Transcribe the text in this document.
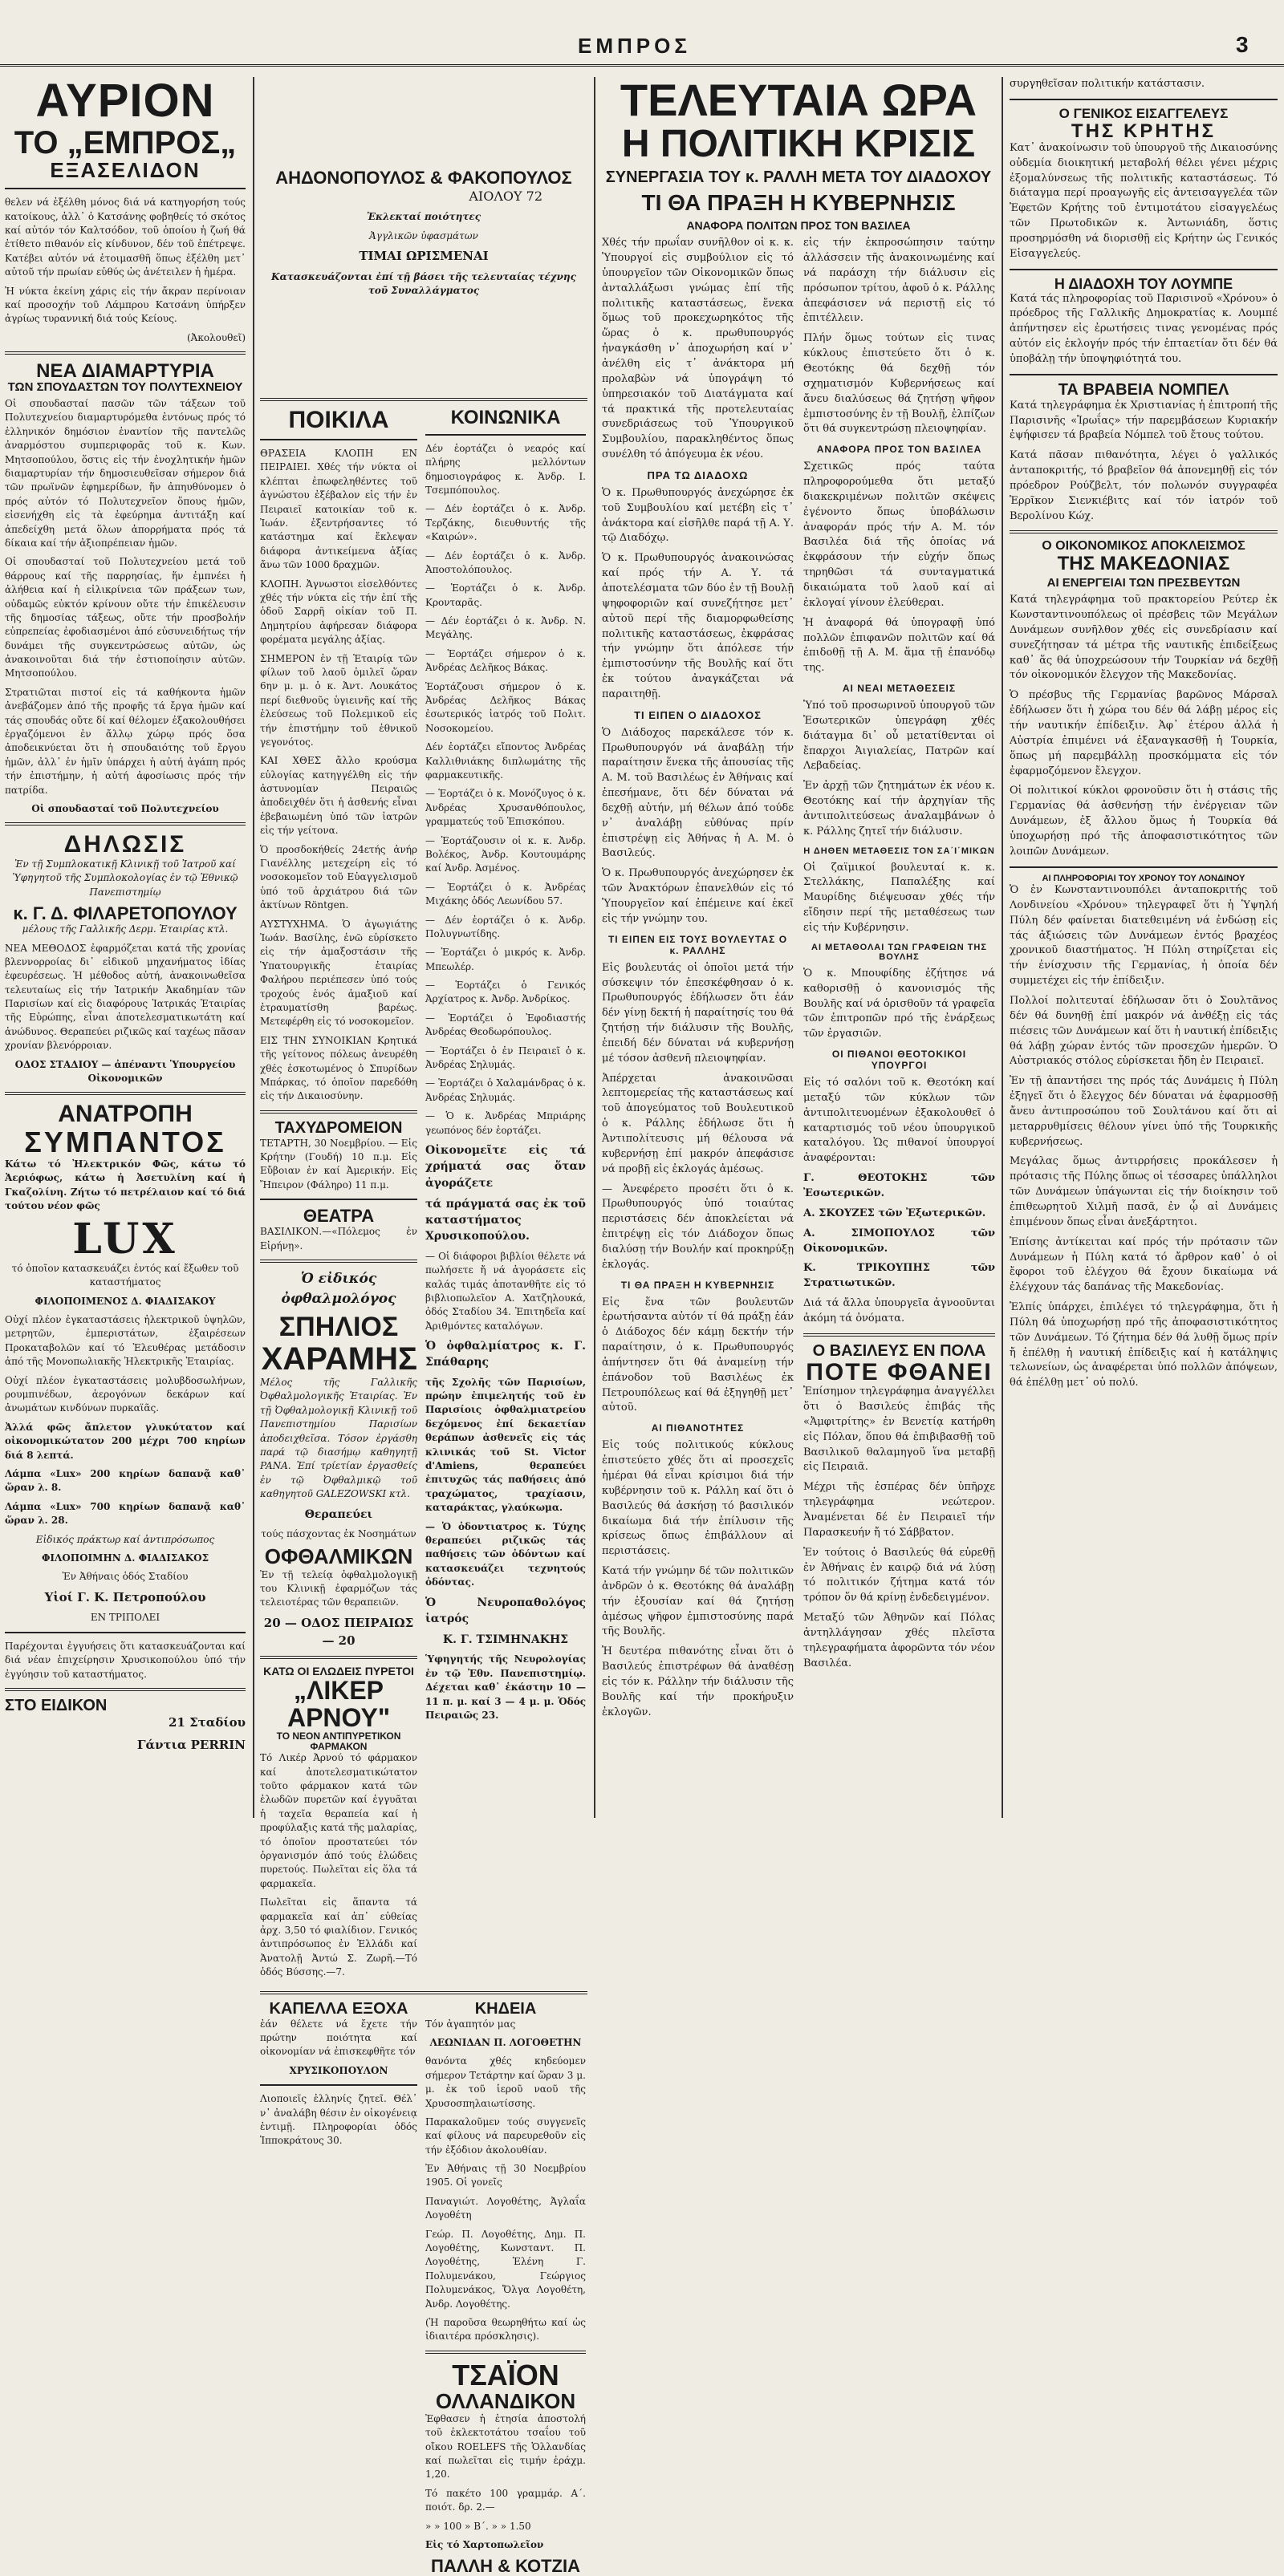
ΕΜΠΡΟΣ	3
ΑΥΡΙΟΝ
ΤΟ „ΕΜΠΡΟΣ„
ΕΞΑΣΕΛΙΔΟΝ

θελεν νά ἐξέλθη μόνος διά νά κατηγορήση τούς κατοίκους, ἀλλ᾽ ὁ Κατσάνης φοβηθείς τό σκότος καί αὐτόν τόν Καλτσόδον, τοῦ ὁποίου ἡ ζωή θά ἐτίθετο πιθανόν εἰς κίνδυνον, δέν τοῦ ἐπέτρεψε. Κατέβει αὐτόν νά ἑτοιμασθῆ ὅπως ἐξέλθη μετ᾽ αὐτοῦ τήν πρωίαν εὐθύς ὡς ἀνέτειλεν ἡ ἡμέρα.

Ἡ νύκτα ἐκείνη χάρις εἰς τήν ἄκραν περίνοιαν καί προσοχήν τοῦ Λάμπρου Κατσάνη ὑπήρξεν ἀγρίως τυραννική διά τούς Κείους.

(Ἀκολουθεῖ)

ΝΕΑ ΔΙΑΜΑΡΤΥΡΙΑ
ΤΩΝ ΣΠΟΥΔΑΣΤΩΝ ΤΟΥ ΠΟΛΥΤΕΧΝΕΙΟΥ

Οἱ σπουδασταί πασῶν τῶν τάξεων τοῦ Πολυτεχνείου διαμαρτυρόμεθα ἐντόνως πρός τό ἑλληνικόν δημόσιον ἐναντίον τῆς παντελῶς ἀναρμόστου συμπεριφορᾶς τοῦ κ. Κων. Μητσοπούλου, ὅστις εἰς τήν ἐνοχλητικήν ἡμῶν διαμαρτυρίαν τήν δημοσιευθεῖσαν σήμερον διά τῶν πρωϊνῶν ἐφημερίδων, ἥν ἀπηυθύνομεν ὁ πρός αὐτόν τό Πολυτεχνεῖον ὅπους ἡμῶν, εἰσενήχθη εἰς τὰ ἐφεύρημα ἀντιτάξη καί ἀπεδείχθη μετά ὅλων ἀπορρήματα πρός τά δίκαια καί τήν ἀξιοπρέπειαν ἡμῶν.

Οἱ σπουδασταί τοῦ Πολυτεχνείου μετά τοῦ θάρρους καί τῆς παρρησίας, ἥν ἐμπνέει ἡ ἀλήθεια καί ἡ εἰλικρίνεια τῶν πράξεων των, οὐδαμῶς εὐκτόν κρίνουν οὔτε τήν ἐπικέλευσιν τῆς δημοσίας τάξεως, οὔτε τήν προσβολήν εὐπρεπείας ἐφοδιασμένοι ἀπό εὐσυνειδήτως τήν δυνάμει τῆς συγκεντρώσεως αὐτῶν, ὡς ἀνακοινοῦται διά τήν ἐστιοποίησιν αὐτῶν. Μητσοπούλου.

Στρατιῶται πιστοί εἰς τά καθήκοντα ἡμῶν ἀνεβάζομεν ἀπό τῆς προφῆς τά ἔργα ἡμῶν καί τάς σπουδάς οὔτε δί καί θέλομεν ἐξακολουθήσει ἐργαζόμενοι ἐν ἄλλῳ χώρῳ πρός ὅσα ἀποδεικνύεται ὅτι ἡ σπουδαιότης τοῦ ἔργου ἡμῶν, ἀλλ᾽ ἐν ἡμῖν ὑπάρχει ἡ αὐτή ἀγάπη πρός τήν ἐπιστήμην, ἡ αὐτή ἀφοσίωσις πρός τήν πατρίδα.

Οἱ σπουδασταί τοῦ Πολυτεχνείου

ΔΗΛΩΣΙΣ

Ἐν τῇ Συμπλοκατικῇ Κλινικῇ τοῦ Ἰατροῦ καί Ὑφηγητοῦ τῆς Συμπλοκολογίας ἐν τῷ Ἐθνικῷ Πανεπιστημίῳ

κ. Γ. Δ. ΦΙΛΑΡΕΤΟΠΟΥΛΟΥ

μέλους τῆς Γαλλικῆς Δερμ. Ἑταιρίας κτλ.

ΝΕΑ ΜΕΘΟΔΟΣ ἐφαρμόζεται κατά τῆς χρονίας βλεννορροίας δι᾽ εἰδικοῦ μηχανήματος ἰδίας ἐφευρέσεως. Ἡ μέθοδος αὐτή, ἀνακοινωθεῖσα τελευταίως εἰς τήν Ἰατρικήν Ἀκαδημίαν τῶν Παρισίων καί εἰς διαφόρους Ἰατρικάς Ἑταιρίας τῆς Εὐρώπης, εἶναι ἀποτελεσματικωτάτη καί ἀνώδυνος. Θεραπεύει ριζικῶς καί ταχέως πᾶσαν χρονίαν βλενόρροιαν.

ΟΔΟΣ ΣΤΑΔΙΟΥ — ἀπέναντι Ὑπουργείου Οἰκονομικῶν

ΑΝΑΤΡΟΠΗ
ΣΥΜΠΑΝΤΟΣ

Κάτω τό Ἠλεκτρικόν Φῶς, κάτω τό Ἀεριόφως, κάτω ἡ Ἀσετυλίνη καί ἡ Γκαζολίνη. Ζήτω τό πετρέλαιον καί τό διά τούτου νέον φῶς

LUX

τό ὁποῖον κατασκευάζει ἐντός καί ἔξωθεν τοῦ καταστήματος

ΦΙΛΟΠΟΙΜΕΝΟΣ Δ. ΦΙΑΔΙΣΑΚΟΥ

Οὐχί πλέον ἐγκαταστάσεις ἠλεκτρικοῦ ὑψηλῶν, μετρητῶν, ἐμπεριστάτων, ἐξαιρέσεων Προκαταβολῶν καί τό Ἐλευθέρας μετάδοσιν ἀπό τῆς Μονοπωλιακῆς Ἠλεκτρικῆς Ἑταιρίας.

Οὐχί πλέον ἐγκαταστάσεις μολυβδοσωλήνων, ρουμπινέδων, ἀερογόνων δεκάρων καί ἀνωμάτων κινδύνων πυρκαϊᾶς.

Ἀλλά φῶς ἄπλετον γλυκύτατον καί οἰκονομικώτατον 200 μέχρι 700 κηρίων διά 8 λεπτά.

Λάμπα «Lux» 200 κηρίων δαπανᾷ καθ᾽ ὥραν λ. 8.

Λάμπα «Lux» 700 κηρίων δαπανᾷ καθ᾽ ὥραν λ. 28.

Εἰδικός πράκτωρ καί ἀντιπρόσωπος

ΦΙΛΟΠΟΙΜΗΝ Δ. ΦΙΑΔΙΣΑΚΟΣ

Ἐν Ἀθήναις ὁδός Σταδίου

Υἱοί Γ. Κ. Πετροπούλου

ΕΝ ΤΡΙΠΟΛΕΙ

Παρέχονται ἐγγυήσεις ὅτι κατασκευάζονται καί διά νέαν ἐπιχείρησιν Χρυσικοπούλου ὑπό τήν ἐγγύησιν τοῦ καταστήματος.

ΣΤΟ ΕΙΔΙΚΟΝ

21 Σταδίου

Γάντια PERRIN

ΑΗΔΟΝΟΠΟΥΛΟΣ & ΦΑΚΟΠΟΥΛΟΣ
ΑΙΟΛΟΥ 72
Ἐκλεκταί ποιότητες
Ἀγγλικῶν ὑφασμάτων
ΤΙΜΑΙ ΩΡΙΣΜΕΝΑΙ
Κατασκευάζονται ἐπί τῇ βάσει τῆς τελευταίας τέχνης τοῦ Συναλλάγματος
ΠΟΙΚΙΛΑ

ΘΡΑΣΕΙΑ ΚΛΟΠΗ ΕΝ ΠΕΙΡΑΙΕΙ. Χθές τήν νύκτα οἱ κλέπται ἐπωφεληθέντες τοῦ ἀγνώστου ἐξέβαλον εἰς τήν ἐν Πειραιεῖ κατοικίαν τοῦ κ. Ἰωάν. ἐξεντρήσαντες τό κατάστημα καί ἔκλεψαν διάφορα ἀντικείμενα ἀξίας ἄνω τῶν 1000 δραχμῶν.

ΚΛΟΠΗ. Ἀγνωστοι εἰσελθόντες χθές τήν νύκτα εἰς τήν ἐπί τῆς ὁδοῦ Σαρρῆ οἰκίαν τοῦ Π. Δημητρίου ἀφήρεσαν διάφορα φορέματα μεγάλης ἀξίας.

ΣΗΜΕΡΟΝ ἐν τῇ Ἑταιρίᾳ τῶν φίλων τοῦ λαοῦ ὁμιλεῖ ὥραν 6ην μ. μ. ὁ κ. Ἀντ. Λουκάτος περί διεθνοῦς ὑγιεινῆς καί τῆς ἐλεύσεως τοῦ Πολεμικοῦ εἰς τήν ἐπιστήμην τοῦ ἐθνικοῦ γεγονότος.

ΚΑΙ ΧΘΕΣ ἄλλο κρούσμα εὐλογίας κατηγγέλθη εἰς τήν ἀστυνομίαν Πειραιῶς ἀποδειχθέν ὅτι ἡ ἀσθενής εἶναι ἐβεβαιωμένη ὑπό τῶν ἰατρῶν εἰς τήν γείτονα.

Ὁ προσδοκήθείς 24ετής ἀνήρ Γιανέλλης μετεχείρη εἰς τό νοσοκομεῖον τοῦ Εὐαγγελισμοῦ ὑπό τοῦ ἀρχιάτρου διά τῶν ἀκτίνων Röntgen.

ΑΥΣΤΥΧΗΜΑ. Ὁ ἀγωγιάτης Ἰωάν. Βασίλης, ἐνῶ εὑρίσκετο εἰς τήν ἀμαξοστάσιν τῆς Ὑπατουργικῆς ἑταιρίας Φαλήρου περιέπεσεν ὑπό τούς τροχούς ἑνός ἁμαξιοῦ καί ἐτραυματίσθη βαρέως. Μετεφέρθη εἰς τό νοσοκομεῖον.

ΕΙΣ ΤΗΝ ΣΥΝΟΙΚΙΑΝ Κρητικά τῆς γείτονος πόλεως ἀνευρέθη χθές ἐσκοτωμένος ὁ Σπυρίδων Μπάρκας, τό ὁποῖον παρεδόθη εἰς τήν Δικαιοσύνην.

ΤΑΧΥΔΡΟΜΕΙΟΝ

ΤΕΤΑΡΤΗ, 30 Νοεμβρίου. — Εἰς Κρήτην (Γουδή) 10 π.μ. Εἰς Εὔβοιαν ἐν καί Ἀμερικήν. Εἰς Ἤπειρον (Φάληρο) 11 π.μ.

ΘΕΑΤΡΑ

ΒΑΣΙΛΙΚΟΝ.—«Πόλεμος ἐν Εἰρήνῃ».

Ὁ εἰδικός ὀφθαλμολόγος
ΣΠΗΛΙΟΣ
ΧΑΡΑΜΗΣ

Μέλος τῆς Γαλλικῆς Ὀφθαλμολογικῆς Ἑταιρίας. Ἐν τῇ Ὀφθαλμολογικῇ Κλινικῇ τοῦ Πανεπιστημίου Παρισίων ἀποδειχθεῖσα. Τόσον ἐργάσθη παρά τῷ διασήμῳ καθηγητῇ PANA. Ἐπί τρίετίαν ἐργασθείς ἐν τῷ Ὀφθαλμικῷ τοῦ καθηγητοῦ GALEZOWSKI κτλ.

Θεραπεύει
τούς πάσχοντας ἐκ Νοσημάτων
ΟΦΘΑΛΜΙΚΩΝ

Ἐν τῇ τελείᾳ ὀφθαλμολογικῇ του Κλινικῇ ἐφαρμόζων τάς τελειοτέρας τῶν θεραπειῶν.

20 — ΟΔΟΣ ΠΕΙΡΑΙΩΣ — 20
ΚΑΤΩ ΟΙ ΕΛΩΔΕΙΣ ΠΥΡΕΤΟΙ
„ΛΙΚΕΡ ΑΡΝΟΥ"
ΤΟ ΝΕΟΝ ΑΝΤΙΠΥΡΕΤΙΚΟΝ ΦΑΡΜΑΚΟΝ

Τό Λικέρ Ἀρνού τό φάρμακον καί ἀποτελεσματικώτατον τοῦτο φάρμακον κατά τῶν ἐλωδῶν πυρετῶν καί ἐγγυᾶται ἡ ταχεῖα θεραπεία καί ἡ προφύλαξις κατά τῆς μαλαρίας, τό ὁποῖον προστατεύει τόν ὀργανισμόν ἀπό τούς ἐλώδεις πυρετούς. Πωλεῖται εἰς ὅλα τά φαρμακεῖα.

Πωλεῖται εἰς ἅπαντα τά φαρμακεῖα καί ἀπ᾽ εὐθείας ἀρχ. 3,50 τό φιαλίδιον. Γενικός ἀντιπρόσωπος ἐν Ἑλλάδι καί Ἀνατολῇ Ἀντώ Σ. Ζωρῆ.—Τό ὁδός Βύσσης.—7.

ΚΟΙΝΩΝΙΚΑ

Δέν ἑορτάζει ὁ νεαρός καί πλήρης μελλόντων δημοσιογράφος κ. Ἀνδρ. Ι. Τσεμπόπουλος.

— Δέν ἑορτάζει ὁ κ. Ἀνδρ. Τερζάκης, διευθυντής τῆς «Καιρών».

— Δέν ἑορτάζει ὁ κ. Ἀνδρ. Ἀποστολόπουλος.

— Ἑορτάζει ὁ κ. Ἀνδρ. Κρονταρᾶς.

— Δέν ἑορτάζει ὁ κ. Ἀνδρ. Ν. Μεγάλης.

— Ἑορτάζει σήμερον ὁ κ. Ἀνδρέας Δελῆκος Βάκας.

Ἑορτάζουσι σήμερον ὁ κ. Ἀνδρέας Δελῆκος Βάκας ἐσωτερικός ἰατρός τοῦ Πολιτ. Νοσοκομείου.

Δέν ἑορτάζει εἴποντος Ἀνδρέας Καλλιθνιάκης διπλωμάτης τῆς φαρμακευτικῆς.

— Ἑορτάζει ὁ κ. Μονόζυγος ὁ κ. Ἀνδρέας Χρυσανθόπουλος, γραμματεύς τοῦ Ἐπισκόπου.

— Ἑορτάζουσιν οἱ κ. κ. Ἀνδρ. Βολέκος, Ἀνδρ. Κουτουμάρης καί Ἀνδρ. Ἀσμένος.

— Ἑορτάζει ὁ κ. Ἀνδρέας Μιχάκης ὁδός Λεωνίδου 57.

— Δέν ἑορτάζει ὁ κ. Ἀνδρ. Πολυγνωτίδης.

— Ἑορτάζει ὁ μικρός κ. Ἀνδρ. Μπεωλέρ.

— Ἑορτάζει ὁ Γενικός Ἀρχίατρος κ. Ἀνδρ. Ἀνδρίκος.

— Ἑορτάζει ὁ Ἐφοδιαστής Ἀνδρέας Θεοδωρόπουλος.

— Ἑορτάζει ὁ ἐν Πειραιεῖ ὁ κ. Ἀνδρέας Σηλυμάς.

— Ἑορτάζει ὁ Χαλαμάνδρας ὁ κ. Ἀνδρέας Σηλυμάς.

— Ὁ κ. Ἀνδρέας Μπριάρης γεωπόνος δέν ἑορτάζει.

Οἰκονομεῖτε εἰς τά χρήματά σας ὅταν ἀγοράζετε

τά πράγματά σας ἐκ τοῦ καταστήματος Χρυσικοπούλου.

— Οἱ διάφοροι βιβλίοι θέλετε νά πωλήσετε ἤ νά ἀγοράσετε εἰς καλάς τιμάς ἀποτανθῆτε εἰς τό βιβλιοπωλεῖον Α. Χατζηλουκά, ὁδός Σταδίου 34. Ἐπιτηδεῖα καί Ἀριθμόντες καταλόγων.

Ὁ ὀφθαλμίατρος κ. Γ. Σπάθαρης

τῆς Σχολῆς τῶν Παρισίων, πρώην ἐπιμελητής τοῦ ἐν Παρισίοις ὀφθαλμιατρείου δεχόμενος ἐπί δεκαετίαν θεράπων ἀσθενεῖς εἰς τάς κλινικάς τοῦ St. Victor d'Amiens, θεραπεύει ἐπιτυχῶς τάς παθήσεις ἀπό τραχώματος, τραχίασιν, καταράκτας, γλαύκωμα.

— Ὁ ὀδοντιατρος κ. Τύχης θεραπεύει ριζικῶς τάς παθήσεις τῶν ὀδόντων καί κατασκευάζει τεχνητούς ὀδόντας.

Ὁ Νευροπαθολόγος ἰατρός

Κ. Γ. ΤΣΙΜΗΝΑΚΗΣ

Ὑφηγητής τῆς Νευρολογίας ἐν τῷ Ἐθν. Πανεπιστημίῳ. Δέχεται καθ᾽ ἑκάστην 10 — 11 π. μ. καί 3 — 4 μ. μ. Ὁδός Πειραιῶς 23.

ΚΑΠΕΛΛΑ ΕΞΟΧΑ

ἐάν θέλετε νά ἔχετε τήν πρώτην ποιότητα καί οἰκονομίαν νά ἐπισκεφθῆτε τόν

ΧΡΥΣΙΚΟΠΟΥΛΟΝ

Λιοποιεῖς ἑλληνίς ζητεῖ. Θέλ᾽ ν᾽ ἀναλάβη θέσιν ἐν οἰκογένειᾳ ἐντιμῇ. Πληροφορίαι ὁδός Ἱπποκράτους 30.

ΚΗΔΕΙΑ

Τόν ἀγαπητόν μας

ΛΕΩΝΙΔΑΝ Π. ΛΟΓΟΘΕΤΗΝ

θανόντα χθές κηδεύομεν σήμερον Τετάρτην καί ὥραν 3 μ. μ. ἐκ τοῦ ἱεροῦ ναοῦ τῆς Χρυσοσπηλαιωτίσσης.

Παρακαλοῦμεν τούς συγγενεῖς καί φίλους νά παρευρεθοῦν εἰς τήν ἐξόδιον ἀκολουθίαν.

Ἐν Ἀθήναις τῇ 30 Νοεμβρίου 1905. Οἱ γονεῖς

Παναγιώτ. Λογοθέτης, Ἀγλαΐα Λογοθέτη

Γεώρ. Π. Λογοθέτης, Δημ. Π. Λογοθέτης, Κωνσταντ. Π. Λογοθέτης, Ἑλένη Γ. Πολυμενάκου, Γεώργιος Πολυμενάκος, Ὄλγα Λογοθέτη, Ἀνδρ. Λογοθέτης.

(Ἡ παροῦσα θεωρηθήτω καί ὡς ἰδιαιτέρα πρόσκλησις).

ΤΣΑΪΟΝ
ΟΛΛΑΝΔΙΚΟΝ

Ἐφθασεν ἡ ἐτησία ἀποστολή τοῦ ἐκλεκτοτάτου τσαΐου τοῦ οἴκου ROELEFS τῆς Ὁλλανδίας καί πωλεῖται εἰς τιμήν ἐράχμ. 1,20.

Τό πακέτο 100 γραμμάρ. Α΄. ποιότ. δρ. 2.—

» » 100 » Β΄. » » 1.50

Εἰς τό Χαρτοπωλεῖον

ΠΑΛΛΗ & ΚΟΤΖΙΑ
ΤΕΛΕΥΤΑΙΑ ΩΡΑ
Η ΠΟΛΙΤΙΚΗ ΚΡΙΣΙΣ
ΣΥΝΕΡΓΑΣΙΑ ΤΟΥ κ. ΡΑΛΛΗ ΜΕΤΑ ΤΟΥ ΔΙΑΔΟΧΟΥ
ΤΙ ΘΑ ΠΡΑΞΗ Η ΚΥΒΕΡΝΗΣΙΣ
ΑΝΑΦΟΡΑ ΠΟΛΙΤΩΝ ΠΡΟΣ ΤΟΝ ΒΑΣΙΛΕΑ

Χθές τήν πρωΐαν συνῆλθον οἱ κ. κ. Ὑπουργοί εἰς συμβούλιον εἰς τό ὑπουργεῖον τῶν Οἰκονομικῶν ὅπως ἀνταλλάξωσι γνώμας ἐπί τῆς πολιτικῆς καταστάσεως, ἕνεκα ὅμως τοῦ προκεχωρηκότος τῆς ὥρας ὁ κ. πρωθυπουργός ἠναγκάσθη ν᾽ ἀποχωρήση καί ν᾽ ἀνέλθη εἰς τ᾽ ἀνάκτορα μή προλαβὼν νά ὑπογράψη τό ὑπηρεσιακόν τοῦ Διατάγματα καί τά πρακτικά τῆς προτελευταίας συνεδριάσεως τοῦ Ὑπουργικοῦ Συμβουλίου, παρακληθέντος ὅπως συνέλθη τό ἀπόγευμα ἐκ νέου.

ΠΡΑ ΤΩ ΔΙΑΔΟΧΩ

Ὁ κ. Πρωθυπουργός ἀνεχώρησε ἐκ τοῦ Συμβουλίου καί μετέβη εἰς τ᾽ ἀνάκτορα καί εἰσῆλθε παρά τῇ Α. Υ. τῷ Διαδόχῳ.

Ὁ κ. Πρωθυπουργός ἀνακοινώσας καί πρός τήν Α. Υ. τά ἀποτελέσματα τῶν δύο ἐν τῇ Βουλῇ ψηφοφοριῶν καί συνεζήτησε μετ᾽ αὐτοῦ περί τῆς διαμορφωθείσης πολιτικῆς καταστάσεως, ἐκφράσας τήν γνώμην ὅτι ἀπόλεσε τήν ἐμπιστοσύνην τῆς Βουλῆς καί ὅτι ἐκ τούτου ἀναγκάζεται νά παραιτηθῇ.

ΤΙ ΕΙΠΕΝ Ο ΔΙΑΔΟΧΟΣ

Ὁ Διάδοχος παρεκάλεσε τόν κ. Πρωθυπουργόν νά ἀναβάλῃ τήν παραίτησιν ἕνεκα τῆς ἀπουσίας τῆς Α. Μ. τοῦ Βασιλέως ἐν Ἀθήναις καί ἐπεσήμανε, ὅτι δέν δύναται νά δεχθῇ αὐτήν, μή θέλων ἀπό τούδε ν᾽ ἀναλάβῃ εὐθύνας πρίν ἐπιστρέψῃ εἰς Ἀθήνας ἡ Α. Μ. ὁ Βασιλεύς.

Ὁ κ. Πρωθυπουργός ἀνεχώρησεν ἐκ τῶν Ἀνακτόρων ἐπανελθών εἰς τό Ὑπουργεῖον καί ἐπέμεινε καί ἐκεῖ εἰς τήν γνώμην του.

ΤΙ ΕΙΠΕΝ ΕΙΣ ΤΟΥΣ ΒΟΥΛΕΥΤΑΣ Ο κ. ΡΑΛΛΗΣ

Εἰς βουλευτάς οἱ ὁποῖοι μετά τήν σύσκεψιν τόν ἐπεσκέφθησαν ὁ κ. Πρωθυπουργός ἐδήλωσεν ὅτι ἐάν δέν γίνῃ δεκτή ἡ παραίτησίς του θά ζητήσῃ τήν διάλυσιν τῆς Βουλῆς, ἐπειδή δέν δύναται νά κυβερνήσῃ μέ τόσον ἀσθενῆ πλειοψηφίαν.

Ἀπέρχεται ἀνακοινῶσαι λεπτομερείας τῆς καταστάσεως καί τοῦ ἀπογεύματος τοῦ Βουλευτικοῦ ὁ κ. Ράλλης ἐδήλωσε ὅτι ἡ Ἀντιπολίτευσις μή θέλουσα νά κυβερνήσῃ ἐπί μακρόν ἀπεφάσισε νά προβῇ εἰς ἐκλογάς ἀμέσως.

— Ἀνεφέρετο προσέτι ὅτι ὁ κ. Πρωθυπουργός ὑπό τοιαύτας περιστάσεις δέν ἀποκλείεται νά ἐπιτρέψῃ εἰς τόν Διάδοχον ὅπως διαλύσῃ τήν Βουλήν καί προκηρύξῃ ἐκλογάς.

ΤΙ ΘΑ ΠΡΑΞΗ Η ΚΥΒΕΡΝΗΣΙΣ

Εἰς ἕνα τῶν βουλευτῶν ἐρωτήσαντα αὐτόν τί θά πράξῃ ἐάν ὁ Διάδοχος δέν κάμῃ δεκτήν τήν παραίτησιν, ὁ κ. Πρωθυπουργός ἀπήντησεν ὅτι θά ἀναμείνῃ τήν ἐπάνοδον τοῦ Βασιλέως ἐκ Πετρουπόλεως καί θά ἐξηγηθῇ μετ᾽ αὐτοῦ.

ΑΙ ΠΙΘΑΝΟΤΗΤΕΣ

Εἰς τούς πολιτικούς κύκλους ἐπιστεύετο χθές ὅτι αἱ προσεχεῖς ἡμέραι θά εἶναι κρίσιμοι διά τήν κυβέρνησιν τοῦ κ. Ράλλη καί ὅτι ὁ Βασιλεύς θά ἀσκήσῃ τό βασιλικόν δικαίωμα διά τήν ἐπίλυσιν τῆς κρίσεως ὅπως ἐπιβάλλουν αἱ περιστάσεις.

Κατά τήν γνώμην δέ τῶν πολιτικῶν ἀνδρῶν ὁ κ. Θεοτόκης θά ἀναλάβῃ τήν ἐξουσίαν καί θά ζητήσῃ ἀμέσως ψῆφον ἐμπιστοσύνης παρά τῆς Βουλῆς.

Ἡ δευτέρα πιθανότης εἶναι ὅτι ὁ Βασιλεύς ἐπιστρέφων θά ἀναθέσῃ εἰς τόν κ. Ράλλην τήν διάλυσιν τῆς Βουλῆς καί τήν προκήρυξιν ἐκλογῶν.

εἰς τήν ἐκπροσώπησιν ταύτην ἀλλάσσειν τῆς ἀνακοινωμένης καί νά παράσχη τήν διάλυσιν εἰς πρόσωπον τρίτου, ἀφοῦ ὁ κ. Ράλλης ἀπεφάσισεν νά περιστῇ εἰς τό ἐπιτέλλειν.

Πλήν ὅμως τούτων εἰς τινας κύκλους ἐπιστεύετο ὅτι ὁ κ. Θεοτόκης θά δεχθῇ τόν σχηματισμόν Κυβερνήσεως καί ἄνευ διαλύσεως θά ζητήσῃ ψῆφον ἐμπιστοσύνης ἐν τῇ Βουλῇ, ἐλπίζων ὅτι θά συγκεντρώσῃ πλειοψηφίαν.

ΑΝΑΦΟΡΑ ΠΡΟΣ ΤΟΝ ΒΑΣΙΛΕΑ

Σχετικῶς πρός ταύτα πληροφορούμεθα ὅτι μεταξύ διακεκριμένων πολιτῶν σκέψεις ἐγένοντο ὅπως ὑποβάλωσιν ἀναφοράν πρός τήν Α. Μ. τόν Βασιλέα διά τῆς ὁποίας νά ἐκφράσουν τήν εὐχήν ὅπως τηρηθῶσι τά συνταγματικά δικαιώματα τοῦ λαοῦ καί αἱ ἐκλογαί γίνουν ἐλεύθεραι.

Ἡ ἀναφορά θά ὑπογραφῇ ὑπό πολλῶν ἐπιφανῶν πολιτῶν καί θά ἐπιδοθῇ τῇ Α. Μ. ἅμα τῇ ἐπανόδῳ της.

ΑΙ ΝΕΑΙ ΜΕΤΑΘΕΣΕΙΣ

Ὑπό τοῦ προσωρινοῦ ὑπουργοῦ τῶν Ἐσωτερικῶν ὑπεγράφη χθές διάταγμα δι᾽ οὗ μετατίθενται οἱ ἔπαρχοι Ἀιγιαλείας, Πατρῶν καί Λεβαδείας.

Ἐν ἀρχῇ τῶν ζητημάτων ἐκ νέου κ. Θεοτόκης καί τήν ἀρχηγίαν τῆς ἀντιπολιτεύσεως ἀναλαμβάνων ὁ κ. Ράλλης ζητεῖ τήν διάλυσιν.

Η ΔΗΘΕΝ ΜΕΤΑΘΕΣΙΣ ΤΟΝ ΣΑ΄Ι΄ΜΙΚΩΝ

Οἱ ζαϊμικοί βουλευταί κ. κ. Στελλάκης, Παπαλέξης καί Μαυρίδης διέψευσαν χθές τήν εἴδησιν περί τῆς μεταθέσεως των εἰς τήν Κυβέρνησιν.

ΑΙ ΜΕΤΑΘΟΛΑΙ ΤΩΝ ΓΡΑΦΕΙΩΝ ΤΗΣ ΒΟΥΛΗΣ

Ὁ κ. Μπουφίδης ἐζήτησε νά καθορισθῇ ὁ κανονισμός τῆς Βουλῆς καί νά ὁρισθοῦν τά γραφεῖα τῶν ἐπιτροπῶν πρό τῆς ἐνάρξεως τῶν ἐργασιῶν.

ΟΙ ΠΙΘΑΝΟΙ ΘΕΟΤΟΚΙΚΟΙ ΥΠΟΥΡΓΟΙ

Εἰς τό σαλόνι τοῦ κ. Θεοτόκη καί μεταξύ τῶν κύκλων τῶν ἀντιπολιτευομένων ἐξακολουθεῖ ὁ καταρτισμός τοῦ νέου ὑπουργικοῦ καταλόγου. Ὡς πιθανοί ὑπουργοί ἀναφέρονται:

Γ. ΘΕΟΤΟΚΗΣ τῶν Ἐσωτερικῶν.

Α. ΣΚΟΥΖΕΣ τῶν Ἐξωτερικῶν.

Α. ΣΙΜΟΠΟΥΛΟΣ τῶν Οἰκονομικῶν.

Κ. ΤΡΙΚΟΥΠΗΣ τῶν Στρατιωτικῶν.

Διά τά ἄλλα ὑπουργεῖα ἀγνοοῦνται ἀκόμη τά ὀνόματα.

Ο ΒΑΣΙΛΕΥΣ ΕΝ ΠΟΛΑ
ΠΟΤΕ ΦΘΑΝΕΙ

Ἐπίσημον τηλεγράφημα ἀναγγέλλει ὅτι ὁ Βασιλεύς ἐπιβάς τῆς «Ἀμφιτρίτης» ἐν Βενετίᾳ κατήρθη εἰς Πόλαν, ὅπου θά ἐπιβιβασθῇ τοῦ Βασιλικοῦ θαλαμηγοῦ ἵνα μεταβῇ εἰς Πειραιᾶ.

Μέχρι τῆς ἑσπέρας δέν ὑπῆρχε τηλεγράφημα νεώτερον. Ἀναμένεται δέ ἐν Πειραιεῖ τήν Παρασκευήν ἤ τό Σάββατον.

Ἐν τούτοις ὁ Βασιλεύς θά εὑρεθῇ ἐν Ἀθήναις ἐν καιρῷ διά νά λύσῃ τό πολιτικόν ζήτημα κατά τόν τρόπον ὅν θά κρίνῃ ἐνδεδειγμένον.

Μεταξύ τῶν Ἀθηνῶν καί Πόλας ἀντηλλάγησαν χθές πλεῖστα τηλεγραφήματα ἀφορῶντα τόν νέον Βασιλέα.

συργηθεῖσαν πολιτικήν κατάστασιν.

Ο ΓΕΝΙΚΟΣ ΕΙΣΑΓΓΕΛΕΥΣ
ΤΗΣ ΚΡΗΤΗΣ

Κατ᾽ ἀνακοίνωσιν τοῦ ὑπουργοῦ τῆς Δικαιοσύνης οὐδεμία διοικητική μεταβολή θέλει γένει μέχρις ἐξομαλύνσεως τῆς πολιτικῆς καταστάσεως. Τό διάταγμα περί προαγωγῆς εἰς ἀντεισαγγελέα τῶν Ἐφετῶν Κρήτης τοῦ ἐντιμοτάτου εἰσαγγελέως τῶν Πρωτοδικῶν κ. Ἀντωνιάδη, ὅστις προσηρμόσθη νά διορισθῇ εἰς Κρήτην ὡς Γενικός Εἰσαγγελεύς.

Η ΔΙΑΔΟΧΗ ΤΟΥ ΛΟΥΜΠΕ

Κατά τάς πληροφορίας τοῦ Παρισινοῦ «Χρόνου» ὁ πρόεδρος τῆς Γαλλικῆς Δημοκρατίας κ. Λουμπέ ἀπήντησεν εἰς ἐρωτήσεις τινας γενομένας πρός αὐτόν εἰς ἐκλογήν πρός τήν ἑπταετίαν ὅτι δέν θά ὑποβάλῃ τήν ὑποψηφιότητά του.

ΤΑ ΒΡΑΒΕΙΑ ΝΟΜΠΕΛ

Κατά τηλεγράφημα ἐκ Χριστιανίας ἡ ἐπιτροπή τῆς Παρισινῆς «Ἰρωΐας» τήν παρεμβάσεων Κυριακήν ἐψήφισεν τά βραβεία Νόμπελ τοῦ ἔτους τούτου.

Κατά πᾶσαν πιθανότητα, λέγει ὁ γαλλικός ἀνταποκριτής, τό βραβεῖον θά ἀπονεμηθῇ εἰς τόν πρόεδρον Ρούζβελτ, τόν πολωνόν συγγραφέα Ἑρρῖκον Σιενκιέβιτς καί τόν ἰατρόν τοῦ Βερολίνου Κώχ.

Ο ΟΙΚΟΝΟΜΙΚΟΣ ΑΠΟΚΛΕΙΣΜΟΣ
ΤΗΣ ΜΑΚΕΔΟΝΙΑΣ
ΑΙ ΕΝΕΡΓΕΙΑΙ ΤΩΝ ΠΡΕΣΒΕΥΤΩΝ

Κατά τηλεγράφημα τοῦ πρακτορείου Ρεύτερ ἐκ Κωνσταντινουπόλεως οἱ πρέσβεις τῶν Μεγάλων Δυνάμεων συνῆλθον χθές εἰς συνεδρίασιν καί συνεζήτησαν τά μέτρα τῆς ναυτικῆς ἐπιδείξεως καθ᾽ ἅς θά ὑποχρεώσουν τήν Τουρκίαν νά δεχθῇ τόν οἰκονομικόν ἔλεγχον τῆς Μακεδονίας.

Ὁ πρέσβυς τῆς Γερμανίας βαρῶνος Μάρσαλ ἐδήλωσεν ὅτι ἡ χώρα του δέν θά λάβῃ μέρος εἰς τήν ναυτικήν ἐπίδειξιν. Ἀφ᾽ ἑτέρου ἀλλά ἡ Αὐστρία ἐπιμένει νά ἐξαναγκασθῇ ἡ Τουρκία, ὅπως μή παρεμβάλλῃ προσκόμματα εἰς τόν ἐφαρμοζόμενον ἔλεγχον.

Οἱ πολιτικοί κύκλοι φρονοῦσιν ὅτι ἡ στάσις τῆς Γερμανίας θά ἀσθενήσῃ τήν ἐνέργειαν τῶν Δυνάμεων, ἐξ ἄλλου ὅμως ἡ Τουρκία θά ὑποχωρήσῃ πρό τῆς ἀποφασιστικότητος τῶν λοιπῶν Δυνάμεων.

ΑΙ ΠΛΗΡΟΦΟΡΙΑΙ ΤΟΥ ΧΡΟΝΟΥ ΤΟΥ ΛΟΝΔΙΝΟΥ

Ὁ ἐν Κωνσταντινουπόλει ἀνταποκριτής τοῦ Λονδινείου «Χρόνου» τηλεγραφεῖ ὅτι ἡ Ὑψηλή Πύλη δέν φαίνεται διατεθειμένη νά ἐνδώσῃ εἰς τάς ἀξιώσεις τῶν Δυνάμεων ἐντός βραχέος χρονικοῦ διαστήματος. Ἡ Πύλη στηρίζεται εἰς τήν ἐνίσχυσιν τῆς Γερμανίας, ἡ ὁποία δέν συμμετέχει εἰς τήν ἐπίδειξιν.

Πολλοί πολιτευταί ἐδήλωσαν ὅτι ὁ Σουλτᾶνος δέν θά δυνηθῇ ἐπί μακρόν νά ἀνθέξῃ εἰς τάς πιέσεις τῶν Δυνάμεων καί ὅτι ἡ ναυτική ἐπίδειξις θά λάβῃ χώραν ἐντός τῶν προσεχῶν ἡμερῶν. Ὁ Αὐστριακός στόλος εὑρίσκεται ἤδη ἐν Πειραιεῖ.

Ἐν τῇ ἀπαντήσει της πρός τάς Δυνάμεις ἡ Πύλη ἐξηγεῖ ὅτι ὁ ἔλεγχος δέν δύναται νά ἐφαρμοσθῇ ἄνευ ἀντιπροσώπου τοῦ Σουλτάνου καί ὅτι αἱ μεταρρυθμίσεις θέλουν γίνει ὑπό τῆς Τουρκικῆς κυβερνήσεως.

Μεγάλας ὅμως ἀντιρρήσεις προκάλεσεν ἡ πρότασις τῆς Πύλης ὅπως οἱ τέσσαρες ὑπάλληλοι τῶν Δυνάμεων ὑπάγωνται εἰς τήν διοίκησιν τοῦ ἐπιθεωρητοῦ Χιλμῆ πασᾶ, ἐν ᾧ αἱ Δυνάμεις ἐπιμένουν ὅπως εἶναι ἀνεξάρτητοι.

Ἐπίσης ἀντίκειται καί πρός τήν πρότασιν τῶν Δυνάμεων ἡ Πύλη κατά τό ἄρθρον καθ᾽ ὁ οἱ ἔφοροι τοῦ ἐλέγχου θά ἔχουν δικαίωμα νά ἐλέγχουν τάς δαπάνας τῆς Μακεδονίας.

Ἐλπίς ὑπάρχει, ἐπιλέγει τό τηλεγράφημα, ὅτι ἡ Πύλη θά ὑποχωρήσῃ πρό τῆς ἀποφασιστικότητος τῶν Δυνάμεων. Τό ζήτημα δέν θά λυθῇ ὅμως πρίν ἤ ἐπέλθῃ ἡ ναυτική ἐπίδειξις καί ἡ κατάληψις τελωνείων, ὡς ἀναφέρεται ὑπό πολλῶν ἀπόψεων, θά ἐπέλθῃ μετ᾽ οὐ πολύ.
